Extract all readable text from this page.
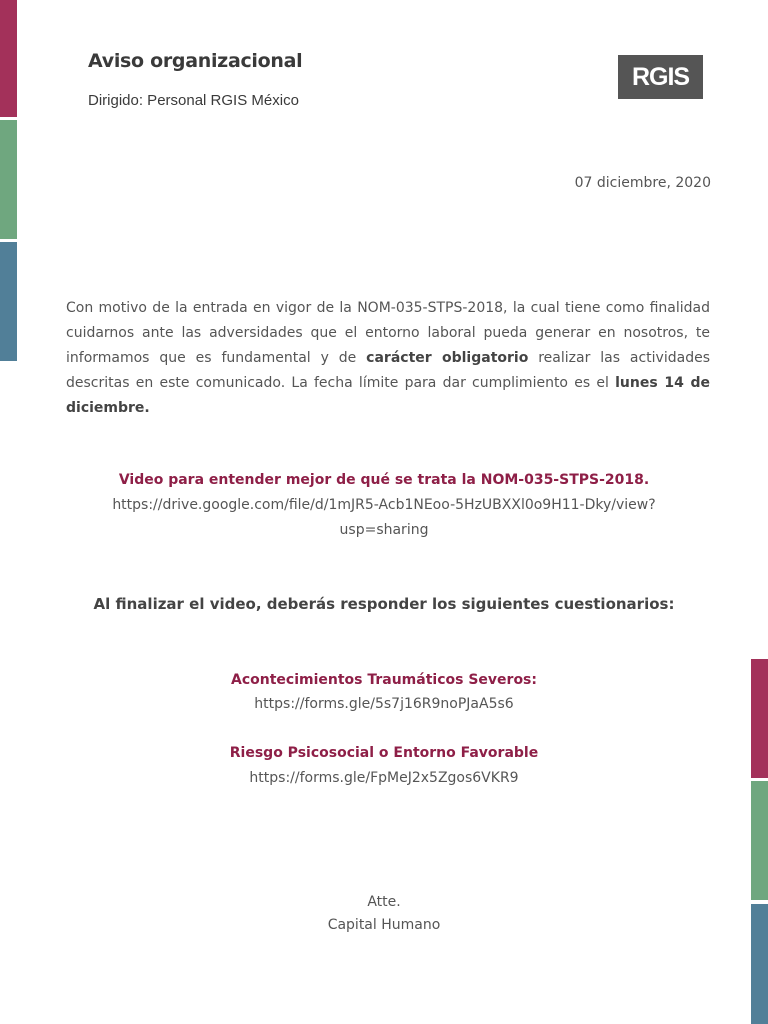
Aviso organizacional
Dirigido: Personal RGIS México
RGIS
07 diciembre, 2020
Con motivo de la entrada en vigor de la NOM-035-STPS-2018, la cual tiene como finalidad cuidarnos ante las adversidades que el entorno laboral pueda generar en nosotros, te informamos que es fundamental y de carácter obligatorio realizar las actividades descritas en este comunicado. La fecha límite para dar cumplimiento es el lunes 14 de diciembre.
Video para entender mejor de qué se trata la NOM-035-STPS-2018.
https://drive.google.com/file/d/1mJR5-Acb1NEoo-5HzUBXXl0o9H11-Dky/view?
usp=sharing
Al finalizar el video, deberás responder los siguientes cuestionarios:
Acontecimientos Traumáticos Severos:
https://forms.gle/5s7j16R9noPJaA5s6
Riesgo Psicosocial o Entorno Favorable
https://forms.gle/FpMeJ2x5Zgos6VKR9
Atte.
Capital Humano
